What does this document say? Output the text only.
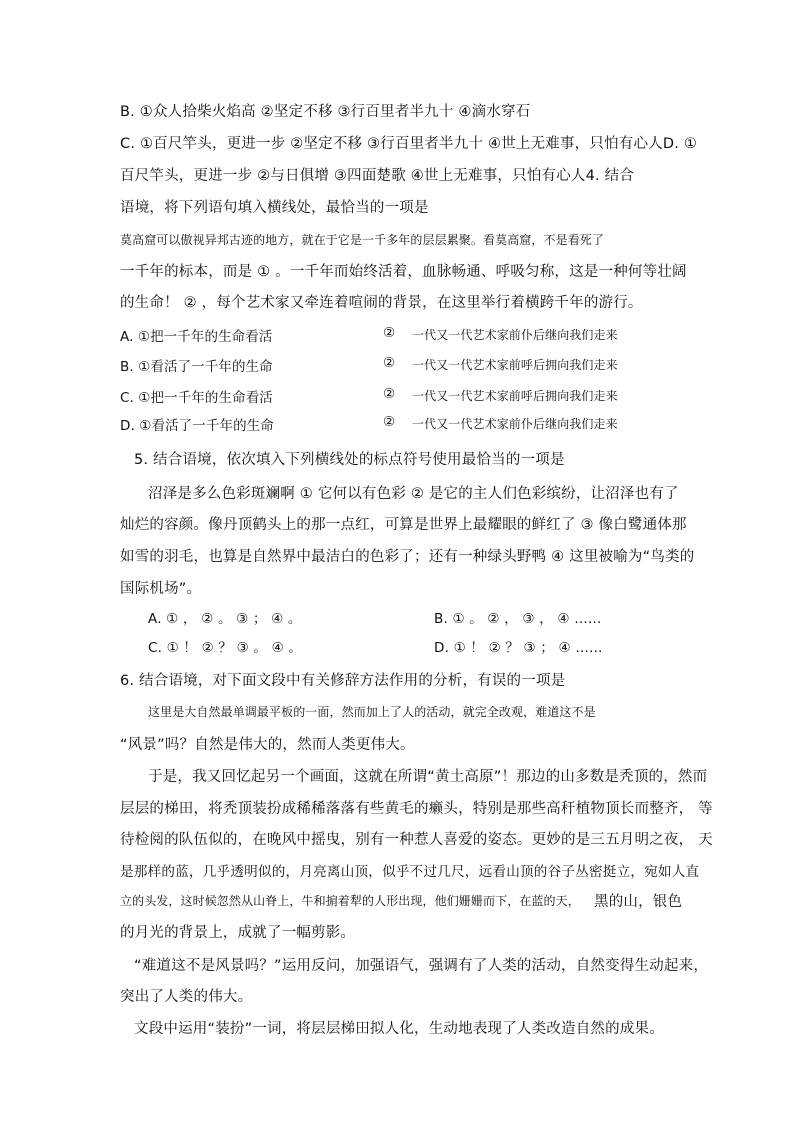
B. ①众人拾柴火焰高 ②坚定不移 ③行百里者半九十 ④滴水穿石
C. ①百尺竿头，更进一步 ②坚定不移 ③行百里者半九十 ④世上无难事，只怕有心人D. ①
百尺竿头，更进一步 ②与日俱增 ③四面楚歌 ④世上无难事，只怕有心人4. 结合
语境，将下列语句填入横线处，最恰当的一项是
莫高窟可以傲视异邦古迹的地方，就在于它是一千多年的层层累聚。看莫高窟，不是看死了
一千年的标本，而是 ① 。一千年而始终活着，血脉畅通、呼吸匀称，这是一种何等壮阔
的生命！ ② ，每个艺术家又牵连着喧闹的背景，在这里举行着横跨千年的游行。
A. ①把一千年的生命看活	② 一代又一代艺术家前仆后继向我们走来
B. ①看活了一千年的生命	② 一代又一代艺术家前呼后拥向我们走来
C. ①把一千年的生命看活	② 一代又一代艺术家前呼后拥向我们走来
D. ①看活了一千年的生命	② 一代又一代艺术家前仆后继向我们走来
5. 结合语境，依次填入下列横线处的标点符号使用最恰当的一项是
沼泽是多么色彩斑斓啊 ① 它何以有色彩 ② 是它的主人们色彩缤纷，让沼泽也有了
灿烂的容颜。像丹顶鹤头上的那一点红，可算是世界上最耀眼的鲜红了 ③ 像白鹭通体那
如雪的羽毛，也算是自然界中最洁白的色彩了；还有一种绿头野鸭 ④ 这里被喻为“鸟类的
国际机场”。
A. ① ， ② 。 ③ ； ④ 。	B. ① 。 ② ， ③ ， ④ ……
C. ① ！ ② ？ ③ 。 ④ 。	D. ① ！ ② ？ ③ ； ④ ……
6. 结合语境，对下面文段中有关修辞方法作用的分析，有误的一项是
这里是大自然最单调最平板的一面，然而加上了人的活动，就完全改观，难道这不是
“风景”吗？自然是伟大的，然而人类更伟大。
于是，我又回忆起另一个画面，这就在所谓“黄土高原”！那边的山多数是秃顶的，然而
层层的梯田，将秃顶装扮成稀稀落落有些黄毛的癞头，特别是那些高秆植物顶长而整齐， 等
待检阅的队伍似的，在晚风中摇曳，别有一种惹人喜爱的姿态。更妙的是三五月明之夜， 天
是那样的蓝，几乎透明似的，月亮离山顶，似乎不过几尺，远看山顶的谷子丛密挺立，宛如人直
立的头发，这时候忽然从山脊上，牛和掮着犁的人形出现，他们姗姗而下，在蓝的天， 黑的山，银色
的月光的背景上，成就了一幅剪影。
“难道这不是风景吗？”运用反问，加强语气，强调有了人类的活动，自然变得生动起来，
突出了人类的伟大。
文段中运用“装扮”一词，将层层梯田拟人化，生动地表现了人类改造自然的成果。
